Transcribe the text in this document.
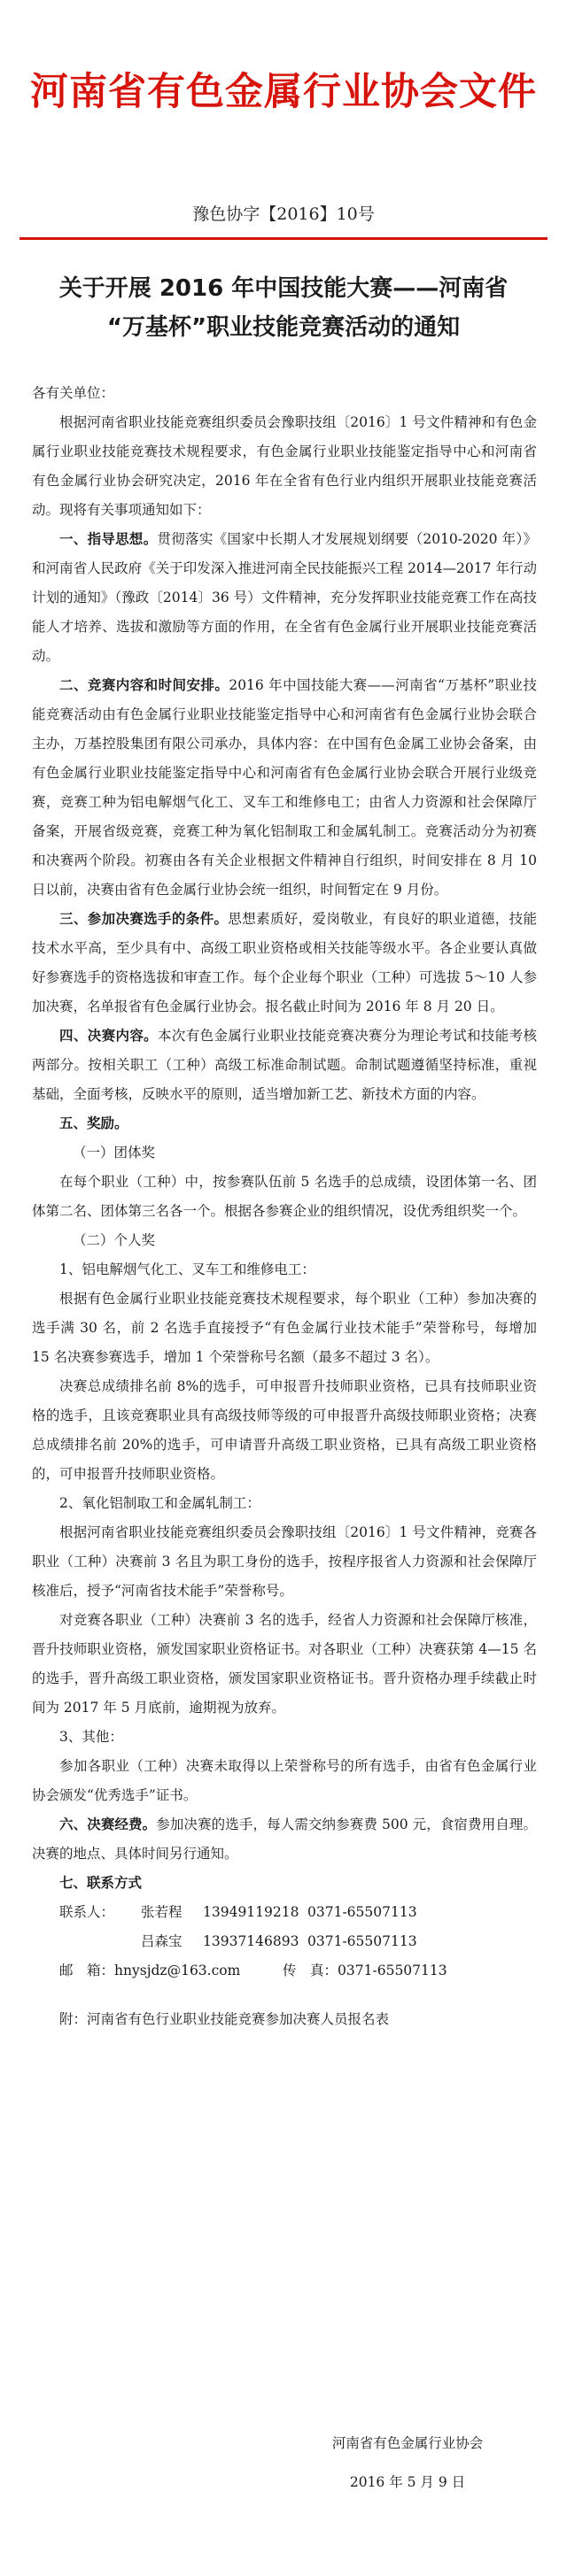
河南省有色金属行业协会文件
豫色协字【2016】10号
关于开展 2016 年中国技能大赛——河南省
“万基杯”职业技能竞赛活动的通知

各有关单位：

根据河南省职业技能竞赛组织委员会豫职技组〔2016〕1 号文件精神和有色金属行业职业技能竞赛技术规程要求，有色金属行业职业技能鉴定指导中心和河南省有色金属行业协会研究决定，2016 年在全省有色行业内组织开展职业技能竞赛活动。现将有关事项通知如下：

一、指导思想。贯彻落实《国家中长期人才发展规划纲要（2010-2020 年）》和河南省人民政府《关于印发深入推进河南全民技能振兴工程 2014—2017 年行动计划的通知》（豫政〔2014〕36 号）文件精神，充分发挥职业技能竞赛工作在高技能人才培养、选拔和激励等方面的作用，在全省有色金属行业开展职业技能竞赛活动。

二、竞赛内容和时间安排。2016 年中国技能大赛——河南省“万基杯”职业技能竞赛活动由有色金属行业职业技能鉴定指导中心和河南省有色金属行业协会联合主办，万基控股集团有限公司承办，具体内容：在中国有色金属工业协会备案，由有色金属行业职业技能鉴定指导中心和河南省有色金属行业协会联合开展行业级竞赛，竞赛工种为铝电解烟气化工、叉车工和维修电工；由省人力资源和社会保障厅备案，开展省级竞赛，竞赛工种为氧化铝制取工和金属轧制工。竞赛活动分为初赛和决赛两个阶段。初赛由各有关企业根据文件精神自行组织，时间安排在 8 月 10 日以前，决赛由省有色金属行业协会统一组织，时间暂定在 9 月份。

三、参加决赛选手的条件。思想素质好，爱岗敬业，有良好的职业道德，技能技术水平高，至少具有中、高级工职业资格或相关技能等级水平。各企业要认真做好参赛选手的资格选拔和审查工作。每个企业每个职业（工种）可选拔 5～10 人参加决赛，名单报省有色金属行业协会。报名截止时间为 2016 年 8 月 20 日。

四、决赛内容。本次有色金属行业职业技能竞赛决赛分为理论考试和技能考核两部分。按相关职工（工种）高级工标准命制试题。命制试题遵循坚持标准，重视基础，全面考核，反映水平的原则，适当增加新工艺、新技术方面的内容。

五、奖励。

（一）团体奖

在每个职业（工种）中，按参赛队伍前 5 名选手的总成绩，设团体第一名、团体第二名、团体第三名各一个。根据各参赛企业的组织情况，设优秀组织奖一个。

（二）个人奖

1、铝电解烟气化工、叉车工和维修电工：

根据有色金属行业职业技能竞赛技术规程要求，每个职业（工种）参加决赛的选手满 30 名，前 2 名选手直接授予“有色金属行业技术能手”荣誉称号，每增加 15 名决赛参赛选手，增加 1 个荣誉称号名额（最多不超过 3 名）。

决赛总成绩排名前 8%的选手，可申报晋升技师职业资格，已具有技师职业资格的选手，且该竞赛职业具有高级技师等级的可申报晋升高级技师职业资格；决赛总成绩排名前 20%的选手，可申请晋升高级工职业资格，已具有高级工职业资格的，可申报晋升技师职业资格。

2、氧化铝制取工和金属轧制工：

根据河南省职业技能竞赛组织委员会豫职技组〔2016〕1 号文件精神，竞赛各职业（工种）决赛前 3 名且为职工身份的选手，按程序报省人力资源和社会保障厅核准后，授予“河南省技术能手”荣誉称号。

对竞赛各职业（工种）决赛前 3 名的选手，经省人力资源和社会保障厅核准，晋升技师职业资格，颁发国家职业资格证书。对各职业（工种）决赛获第 4—15 名的选手，晋升高级工职业资格，颁发国家职业资格证书。晋升资格办理手续截止时间为 2017 年 5 月底前，逾期视为放弃。

3、其他：

参加各职业（工种）决赛未取得以上荣誉称号的所有选手，由省有色金属行业协会颁发“优秀选手”证书。

六、决赛经费。参加决赛的选手，每人需交纳参赛费 500 元，食宿费用自理。决赛的地点、具体时间另行通知。

七、联系方式

联系人： 张若程 13949119218 0371-65507113

吕森宝 13937146893 0371-65507113

邮　箱：hnysjdz@163.com	传　真：0371-65507113

附：河南省有色行业职业技能竞赛参加决赛人员报名表

河南省有色金属行业协会
2016 年 5 月 9 日
